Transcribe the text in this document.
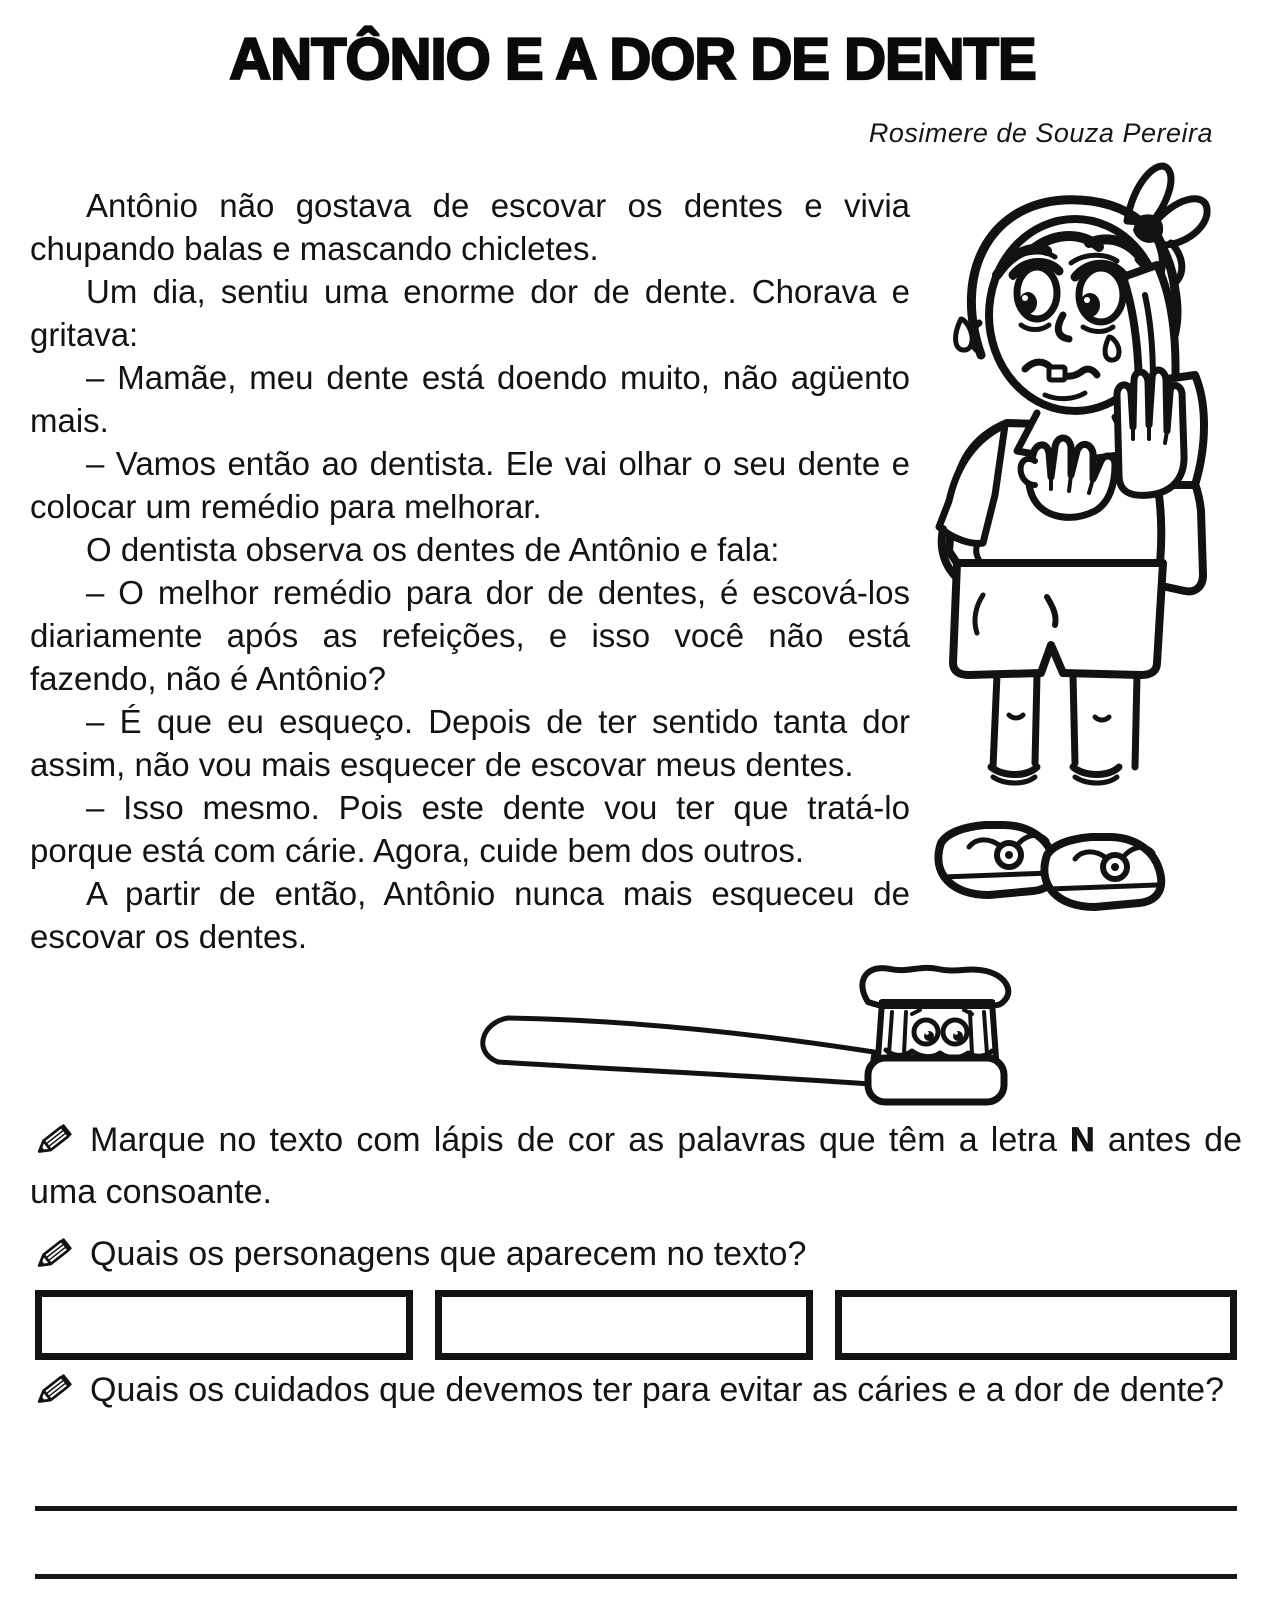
ANTÔNIO E A DOR DE DENTE
Rosimere de Souza Pereira

Antônio não gostava de escovar os dentes e vivia chupando balas e mascando chicletes.

Um dia, sentiu uma enorme dor de dente. Chorava e gritava:

– Mamãe, meu dente está doendo muito, não agüento mais.

– Vamos então ao dentista. Ele vai olhar o seu dente e colocar um remédio para melhorar.

O dentista observa os dentes de Antônio e fala:

– O melhor remédio para dor de dentes, é escová-los diariamente após as refeições, e isso você não está fazendo, não é Antônio?

– É que eu esqueço. Depois de ter sentido tanta dor assim, não vou mais esquecer de escovar meus dentes.

– Isso mesmo. Pois este dente vou ter que tratá-lo porque está com cárie. Agora, cuide bem dos outros.

A partir de então, Antônio nunca mais esqueceu de escovar os dentes.

Marque no texto com lápis de cor as palavras que têm a letra N antes de uma consoante.
Quais os personagens que aparecem no texto?
Quais os cuidados que devemos ter para evitar as cáries e a dor de dente?
